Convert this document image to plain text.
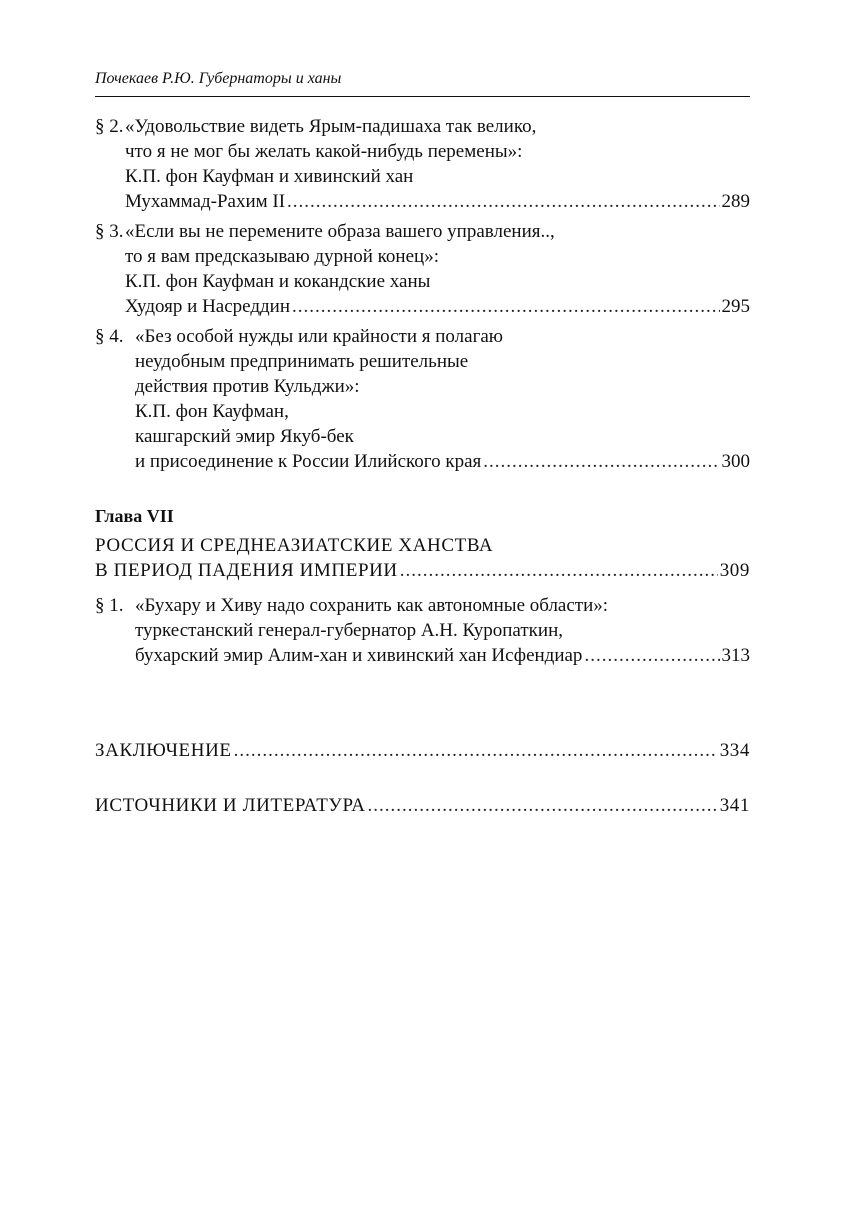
Почекаев Р.Ю. Губернаторы и ханы
§ 2. «Удовольствие видеть Ярым-падишаха так велико,
что я не мог бы желать какой-нибудь перемены»:
К.П. фон Кауфман и хивинский хан
Мухаммад-Рахим II .....	289
§ 3. «Если вы не перемените образа вашего управления..,
то я вам предсказываю дурной конец»:
К.П. фон Кауфман и кокандские ханы
Худояр и Насреддин .....	295
§ 4. «Без особой нужды или крайности я полагаю
неудобным предпринимать решительные
действия против Кульджи»:
К.П. фон Кауфман,
кашгарский эмир Якуб-бек
и присоединение к России Илийского края .....	300
Глава VII
РОССИЯ И СРЕДНЕАЗИАТСКИЕ ХАНСТВА
В ПЕРИОД ПАДЕНИЯ ИМПЕРИИ .....	309
§ 1. «Бухару и Хиву надо сохранить как автономные области»:
туркестанский генерал-губернатор А.Н. Куропаткин,
бухарский эмир Алим-хан и хивинский хан Исфендиар .....	313
ЗАКЛЮЧЕНИЕ .....	334
ИСТОЧНИКИ И ЛИТЕРАТУРА .....	341
